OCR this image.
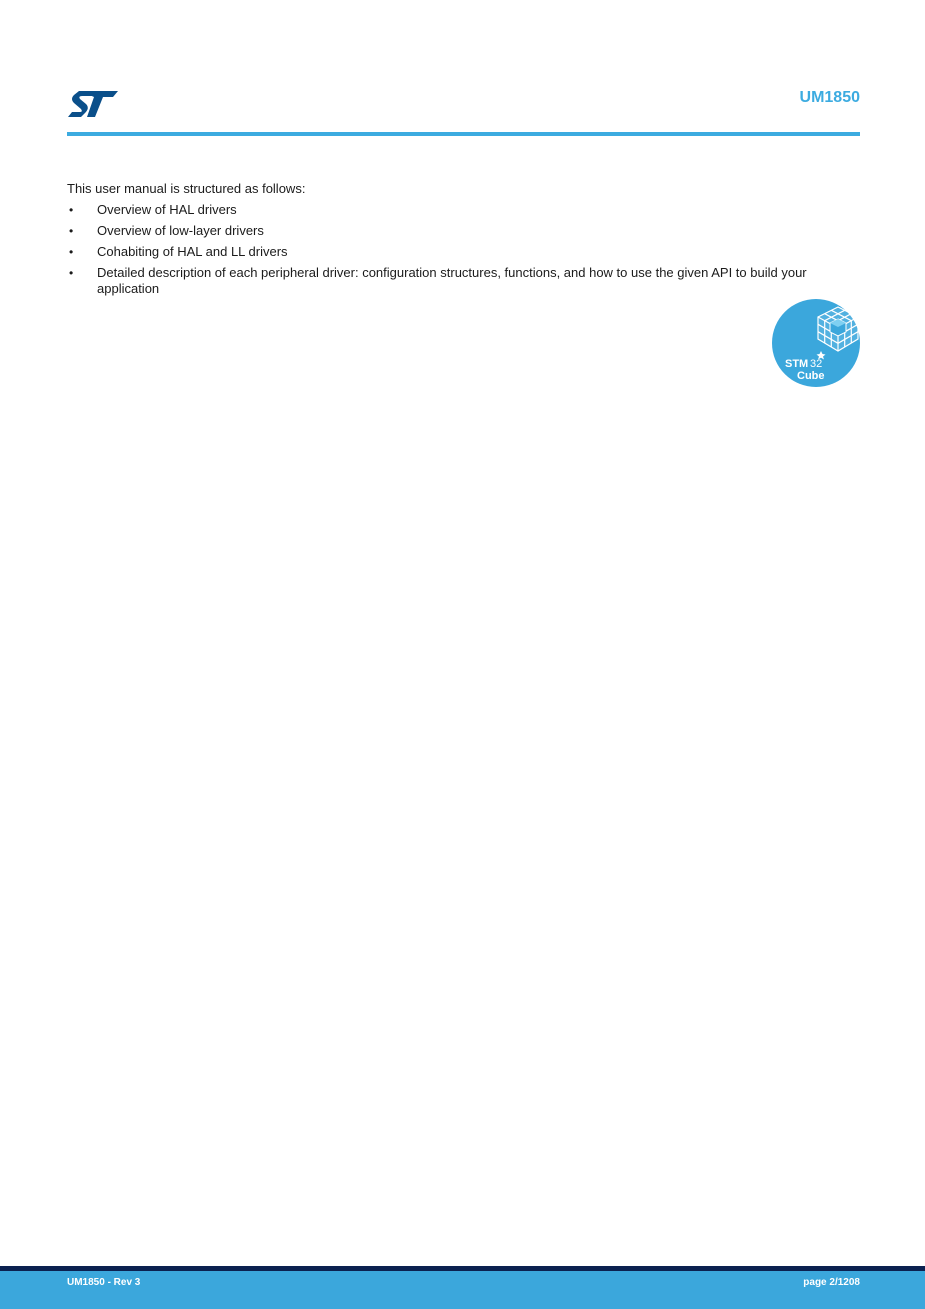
UM1850
This user manual is structured as follows:
• Overview of HAL drivers
• Overview of low-layer drivers
• Cohabiting of HAL and LL drivers
• Detailed description of each peripheral driver: configuration structures, functions, and how to use the given API to build your application
STM 32
Cube
UM1850 - Rev 3	page 2/1208
